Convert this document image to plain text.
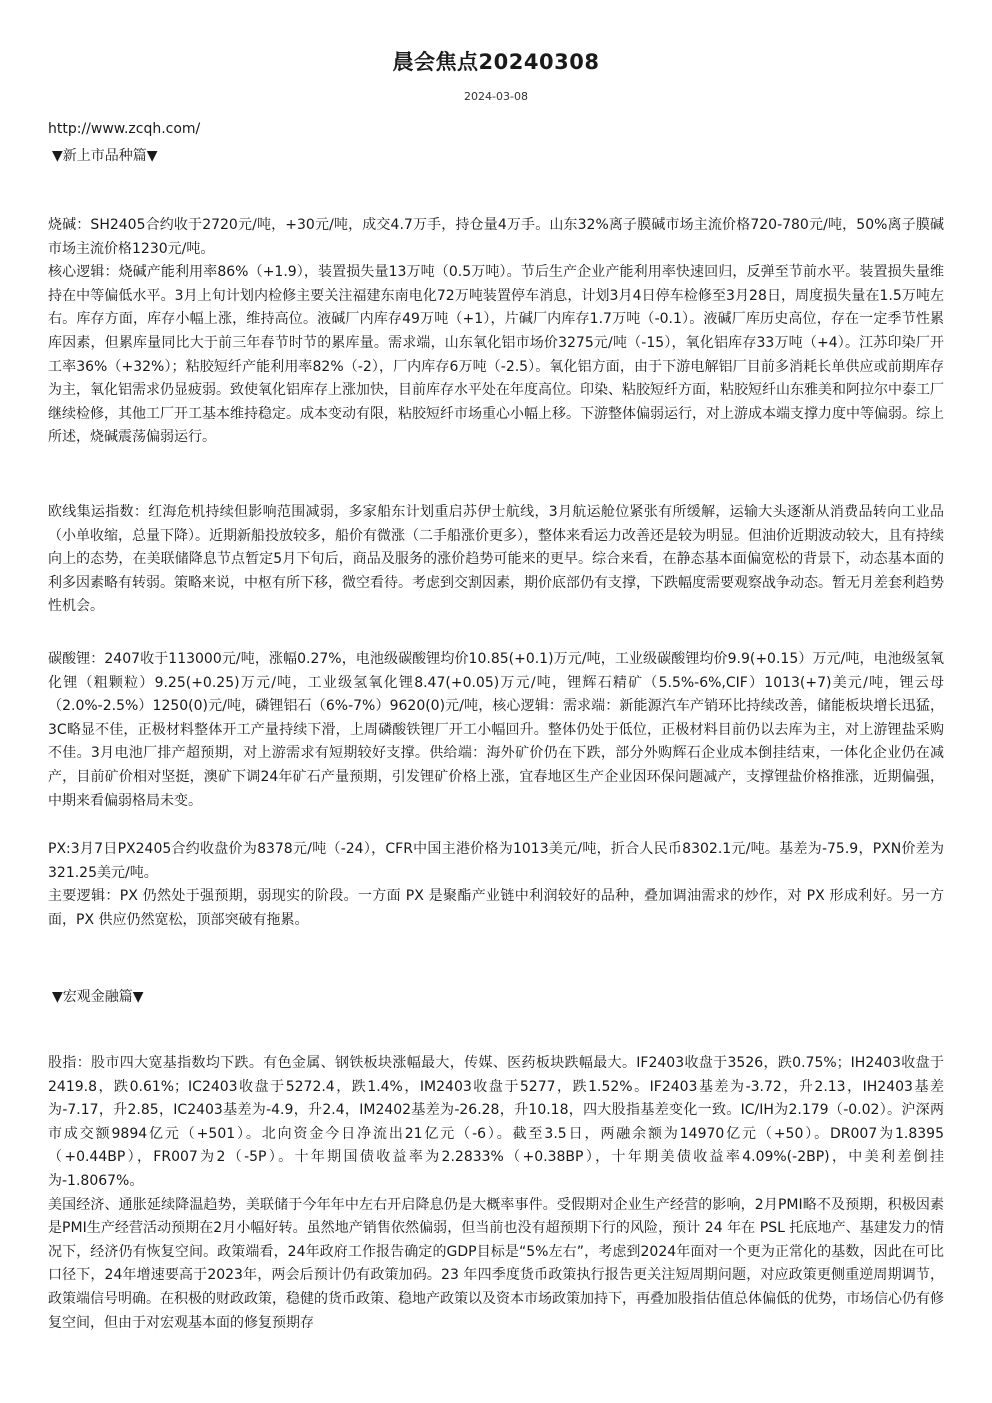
晨会焦点20240308
2024-03-08
http://www.zcqh.com/
▼新上市品种篇▼

烧碱：SH2405合约收于2720元/吨，+30元/吨，成交4.7万手，持仓量4万手。山东32%离子膜碱市场主流价格720-780元/吨，50%离子膜碱市场主流价格1230元/吨。

核心逻辑：烧碱产能利用率86%（+1.9），装置损失量13万吨（0.5万吨）。节后生产企业产能利用率快速回归，反弹至节前水平。装置损失量维持在中等偏低水平。3月上旬计划内检修主要关注福建东南电化72万吨装置停车消息，计划3月4日停车检修至3月28日，周度损失量在1.5万吨左右。库存方面，库存小幅上涨，维持高位。液碱厂内库存49万吨（+1），片碱厂内库存1.7万吨（-0.1）。液碱厂库历史高位，存在一定季节性累库因素，但累库量同比大于前三年春节时节的累库量。需求端，山东氧化铝市场价3275元/吨（-15），氧化铝库存33万吨（+4）。江苏印染厂开工率36%（+32%）；粘胶短纤产能利用率82%（-2），厂内库存6万吨（-2.5）。氧化铝方面，由于下游电解铝厂目前多消耗长单供应或前期库存为主，氧化铝需求仍显疲弱。致使氧化铝库存上涨加快，目前库存水平处在年度高位。印染、粘胶短纤方面，粘胶短纤山东雅美和阿拉尔中泰工厂继续检修，其他工厂开工基本维持稳定。成本变动有限，粘胶短纤市场重心小幅上移。下游整体偏弱运行，对上游成本端支撑力度中等偏弱。综上所述，烧碱震荡偏弱运行。

欧线集运指数：红海危机持续但影响范围减弱，多家船东计划重启苏伊士航线，3月航运舱位紧张有所缓解，运输大头逐渐从消费品转向工业品（小单收缩，总量下降）。近期新船投放较多，船价有微涨（二手船涨价更多），整体来看运力改善还是较为明显。但油价近期波动较大，且有持续向上的态势，在美联储降息节点暂定5月下旬后，商品及服务的涨价趋势可能来的更早。综合来看，在静态基本面偏宽松的背景下，动态基本面的利多因素略有转弱。策略来说，中枢有所下移，微空看待。考虑到交割因素，期价底部仍有支撑，下跌幅度需要观察战争动态。暂无月差套利趋势性机会。

碳酸锂：2407收于113000元/吨，涨幅0.27%，电池级碳酸锂均价10.85(+0.1)万元/吨，工业级碳酸锂均价9.9(+0.15）万元/吨，电池级氢氧化锂（粗颗粒）9.25(+0.25)万元/吨，工业级氢氧化锂8.47(+0.05)万元/吨，锂辉石精矿（5.5%-6%,CIF）1013(+7)美元/吨，锂云母（2.0%-2.5%）1250(0)元/吨，磷锂铝石（6%-7%）9620(0)元/吨，核心逻辑：需求端：新能源汽车产销环比持续改善，储能板块增长迅猛，3C略显不佳，正极材料整体开工产量持续下滑，上周磷酸铁锂厂开工小幅回升。整体仍处于低位，正极材料目前仍以去库为主，对上游锂盐采购不佳。3月电池厂排产超预期，对上游需求有短期较好支撑。供给端：海外矿价仍在下跌，部分外购辉石企业成本倒挂结束，一体化企业仍在减产，目前矿价相对坚挺，澳矿下调24年矿石产量预期，引发锂矿价格上涨，宜春地区生产企业因环保问题减产，支撑锂盐价格推涨，近期偏强，中期来看偏弱格局未变。

PX:3月7日PX2405合约收盘价为8378元/吨（-24），CFR中国主港价格为1013美元/吨，折合人民币8302.1元/吨。基差为-75.9，PXN价差为321.25美元/吨。

主要逻辑：PX 仍然处于强预期，弱现实的阶段。一方面 PX 是聚酯产业链中利润较好的品种，叠加调油需求的炒作，对 PX 形成利好。另一方面，PX 供应仍然宽松，顶部突破有拖累。

▼宏观金融篇▼

股指：股市四大宽基指数均下跌。有色金属、钢铁板块涨幅最大，传媒、医药板块跌幅最大。IF2403收盘于3526，跌0.75%；IH2403收盘于2419.8，跌0.61%；IC2403收盘于5272.4，跌1.4%，IM2403收盘于5277，跌1.52%。IF2403基差为-3.72，升2.13，IH2403基差为-7.17，升2.85，IC2403基差为-4.9，升2.4，IM2402基差为-26.28，升10.18，四大股指基差变化一致。IC/IH为2.179（-0.02）。沪深两市成交额9894亿元（+501）。北向资金今日净流出21亿元（-6）。截至3.5日，两融余额为14970亿元（+50）。DR007为1.8395（+0.44BP），FR007为2（-5P）。十年期国债收益率为2.2833%（+0.38BP），十年期美债收益率4.09%(-2BP)，中美利差倒挂为-1.8067%。

美国经济、通胀延续降温趋势，美联储于今年年中左右开启降息仍是大概率事件。受假期对企业生产经营的影响，2月PMI略不及预期，积极因素是PMI生产经营活动预期在2月小幅好转。虽然地产销售依然偏弱，但当前也没有超预期下行的风险，预计 24 年在 PSL 托底地产、基建发力的情况下，经济仍有恢复空间。政策端看，24年政府工作报告确定的GDP目标是“5%左右”，考虑到2024年面对一个更为正常化的基数，因此在可比口径下，24年增速要高于2023年，两会后预计仍有政策加码。23 年四季度货币政策执行报告更关注短周期问题，对应政策更侧重逆周期调节，政策端信号明确。在积极的财政政策，稳健的货币政策、稳地产政策以及资本市场政策加持下，再叠加股指估值总体偏低的优势，市场信心仍有修复空间，但由于对宏观基本面的修复预期存
